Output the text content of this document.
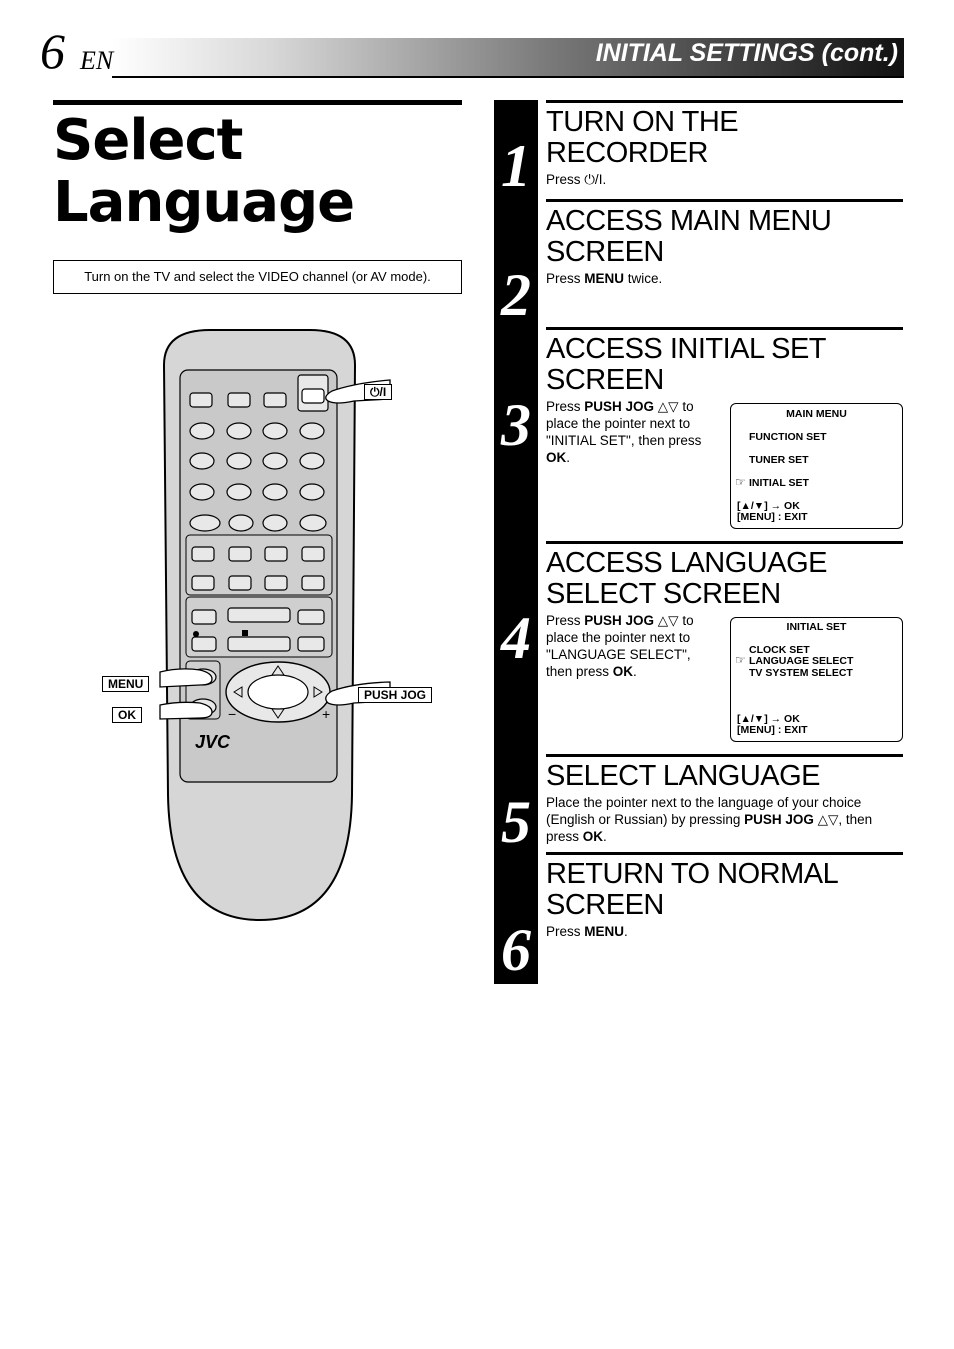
6 EN	INITIAL SETTINGS (cont.)
Select
Language
Turn on the TV and select the VIDEO channel (or AV mode).
−	+
⏻/I
MENU
OK
PUSH JOG
JVC
1
2
3
4
5
6
TURN ON THE RECORDER
Press ⏻/I.
ACCESS MAIN MENU SCREEN
Press MENU twice.
ACCESS INITIAL SET SCREEN
Press PUSH JOG △▽ to place the pointer next to "INITIAL SET", then press OK.
ACCESS LANGUAGE SELECT SCREEN
Press PUSH JOG △▽ to place the pointer next to "LANGUAGE SELECT", then press OK.
SELECT LANGUAGE
Place the pointer next to the language of your choice (English or Russian) by pressing PUSH JOG △▽, then press OK.
RETURN TO NORMAL SCREEN
Press MENU.
MAIN MENU
FUNCTION SET
TUNER SET
☞ INITIAL SET
[▲/▼] → OK
[MENU] : EXIT
INITIAL SET
CLOCK SET
☞ LANGUAGE SELECT
TV SYSTEM SELECT
[▲/▼] → OK
[MENU] : EXIT
